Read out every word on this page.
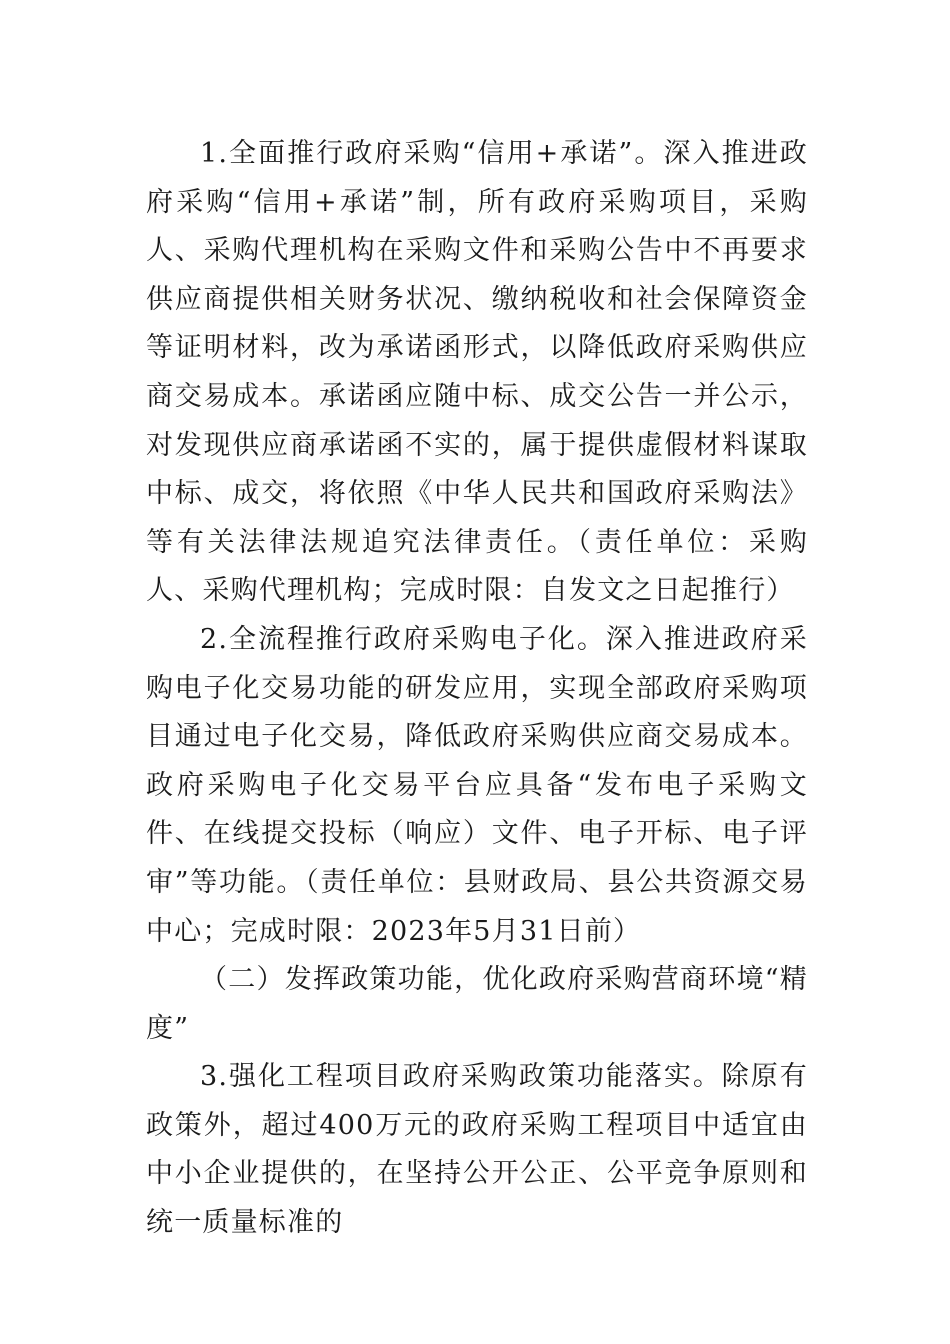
1.全面推行政府采购“信用+承诺”。深入推进政府采购“信用+承诺”制，所有政府采购项目，采购人、采购代理机构在采购文件和采购公告中不再要求供应商提供相关财务状况、缴纳税收和社会保障资金等证明材料，改为承诺函形式，以降低政府采购供应商交易成本。承诺函应随中标、成交公告一并公示，对发现供应商承诺函不实的，属于提供虚假材料谋取中标、成交，将依照《中华人民共和国政府采购法》等有关法律法规追究法律责任。（责任单位：采购人、采购代理机构；完成时限：自发文之日起推行）

2.全流程推行政府采购电子化。深入推进政府采购电子化交易功能的研发应用，实现全部政府采购项目通过电子化交易，降低政府采购供应商交易成本。政府采购电子化交易平台应具备“发布电子采购文件、在线提交投标（响应）文件、电子开标、电子评审”等功能。（责任单位：县财政局、县公共资源交易中心；完成时限：2023年5月31日前）

（二）发挥政策功能，优化政府采购营商环境“精度”

3.强化工程项目政府采购政策功能落实。除原有政策外，超过400万元的政府采购工程项目中适宜由中小企业提供的，在坚持公开公正、公平竞争原则和统一质量标准的
